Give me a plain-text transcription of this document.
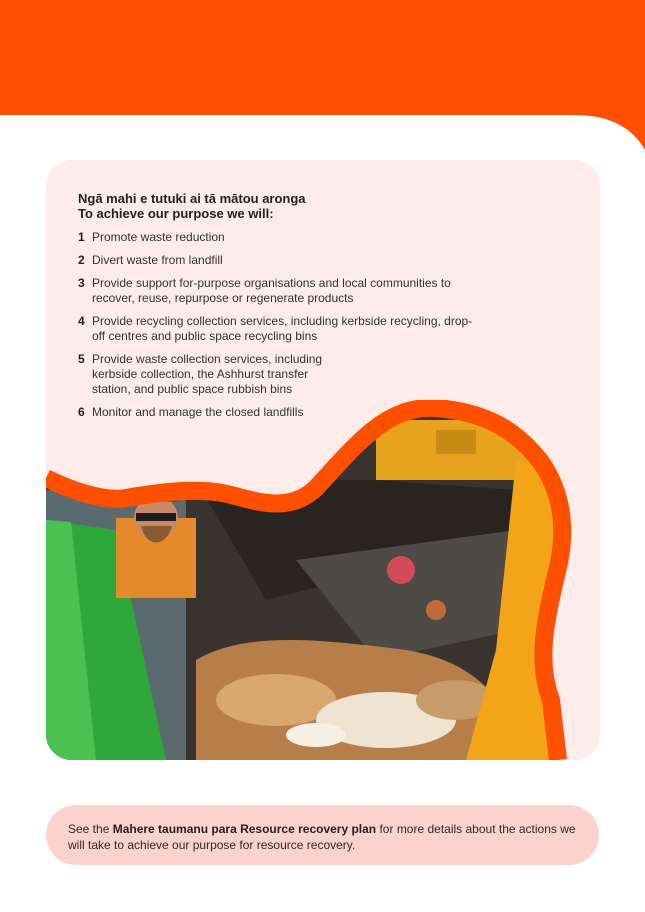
Ngā mahi e tutuki ai tā mātou aronga
To achieve our purpose we will:
1 Promote waste reduction
2 Divert waste from landfill
3 Provide support for-purpose organisations and local communities to recover, reuse, repurpose or regenerate products
4 Provide recycling collection services, including kerbside recycling, drop-off centres and public space recycling bins
5 Provide waste collection services, including kerbside collection, the Ashhurst transfer station, and public space rubbish bins
6 Monitor and manage the closed landfills
See the Mahere taumanu para Resource recovery plan for more details about the actions we will take to achieve our purpose for resource recovery.
